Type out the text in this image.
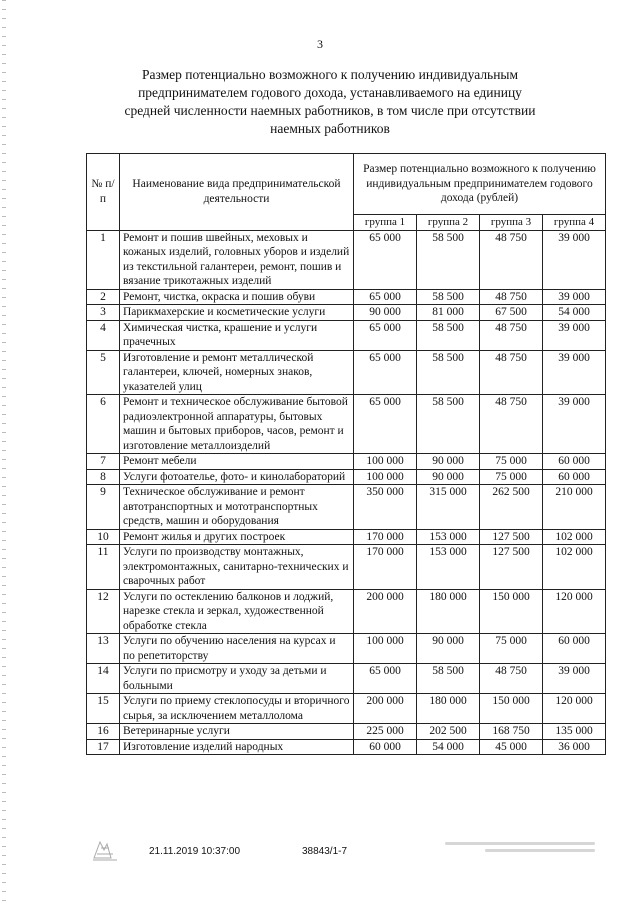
3
Размер потенциально возможного к получению индивидуальным предпринимателем годового дохода, устанавливаемого на единицу средней численности наемных работников, в том числе при отсутствии наемных работников
№ п/п	Наименование вида предпринимательской деятельности	Размер потенциально возможного к получению индивидуальным предпринимателем годового дохода (рублей)			
		группа 1	группа 2	группа 3	группа 4
1	Ремонт и пошив швейных, меховых и кожаных изделий, головных уборов и изделий из текстильной галантереи, ремонт, пошив и вязание трикотажных изделий	65 000	58 500	48 750	39 000
2	Ремонт, чистка, окраска и пошив обуви	65 000	58 500	48 750	39 000
3	Парикмахерские и косметические услуги	90 000	81 000	67 500	54 000
4	Химическая чистка, крашение и услуги прачечных	65 000	58 500	48 750	39 000
5	Изготовление и ремонт металлической галантереи, ключей, номерных знаков, указателей улиц	65 000	58 500	48 750	39 000
6	Ремонт и техническое обслуживание бытовой радиоэлектронной аппаратуры, бытовых машин и бытовых приборов, часов, ремонт и изготовление металлоизделий	65 000	58 500	48 750	39 000
7	Ремонт мебели	100 000	90 000	75 000	60 000
8	Услуги фотоателье, фото- и кинолабораторий	100 000	90 000	75 000	60 000
9	Техническое обслуживание и ремонт автотранспортных и мототранспортных средств, машин и оборудования	350 000	315 000	262 500	210 000
10	Ремонт жилья и других построек	170 000	153 000	127 500	102 000
11	Услуги по производству монтажных, электромонтажных, санитарно-технических и сварочных работ	170 000	153 000	127 500	102 000
12	Услуги по остеклению балконов и лоджий, нарезке стекла и зеркал, художественной обработке стекла	200 000	180 000	150 000	120 000
13	Услуги по обучению населения на курсах и по репетиторству	100 000	90 000	75 000	60 000
14	Услуги по присмотру и уходу за детьми и больными	65 000	58 500	48 750	39 000
15	Услуги по приему стеклопосуды и вторичного сырья, за исключением металлолома	200 000	180 000	150 000	120 000
16	Ветеринарные услуги	225 000	202 500	168 750	135 000
17	Изготовление изделий народных	60 000	54 000	45 000	36 000
21.11.2019 10:37:00	38843/1-7
